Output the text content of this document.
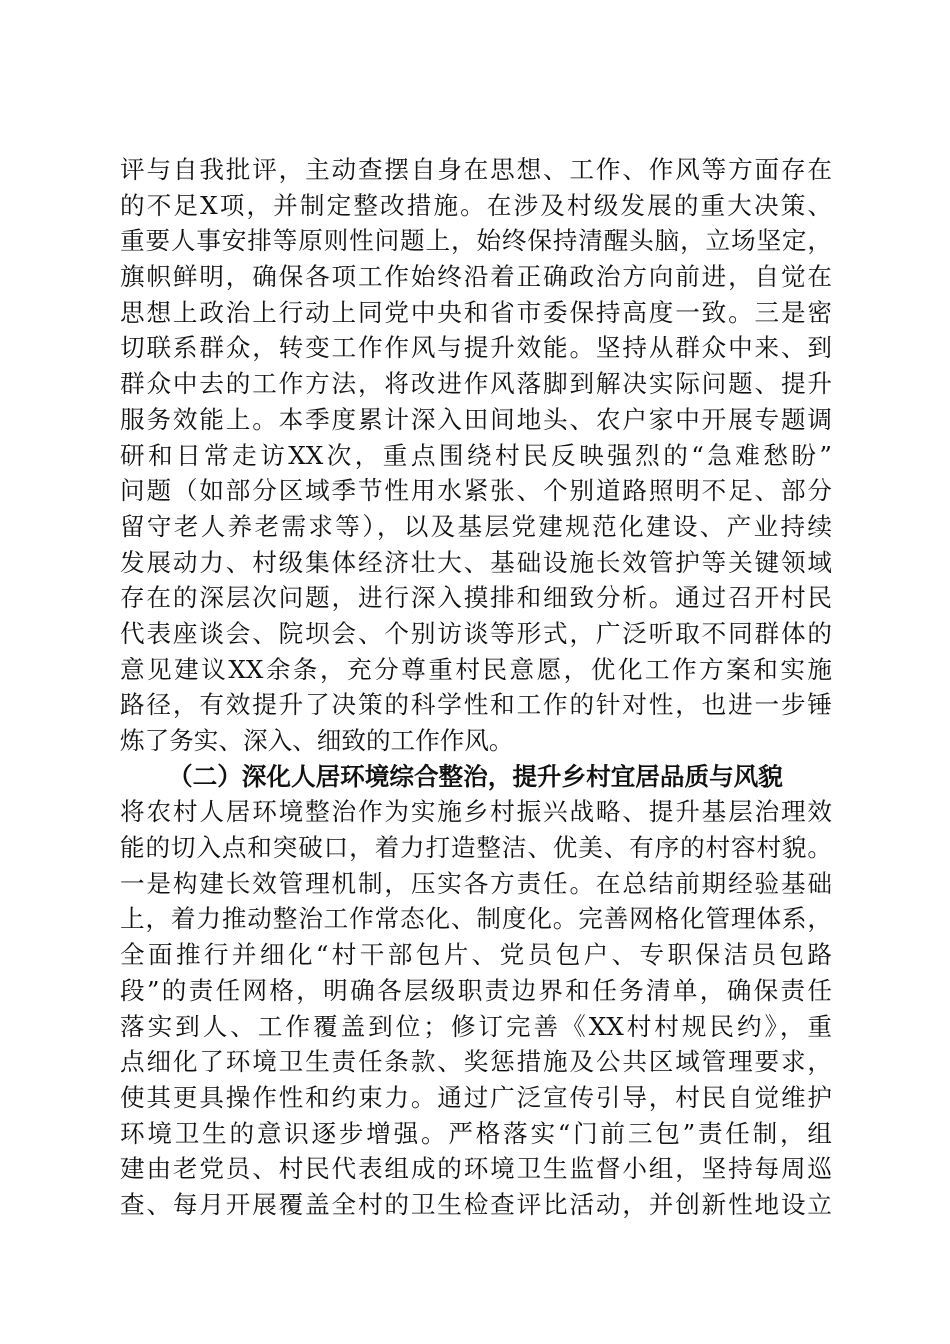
评与自我批评，主动查摆自身在思想、工作、作风等方面存在
的不足X项，并制定整改措施。在涉及村级发展的重大决策、
重要人事安排等原则性问题上，始终保持清醒头脑，立场坚定，
旗帜鲜明，确保各项工作始终沿着正确政治方向前进，自觉在
思想上政治上行动上同党中央和省市委保持高度一致。三是密
切联系群众，转变工作作风与提升效能。坚持从群众中来、到
群众中去的工作方法，将改进作风落脚到解决实际问题、提升
服务效能上。本季度累计深入田间地头、农户家中开展专题调
研和日常走访XX次，重点围绕村民反映强烈的“急难愁盼”
问题（如部分区域季节性用水紧张、个别道路照明不足、部分
留守老人养老需求等），以及基层党建规范化建设、产业持续
发展动力、村级集体经济壮大、基础设施长效管护等关键领域
存在的深层次问题，进行深入摸排和细致分析。通过召开村民
代表座谈会、院坝会、个别访谈等形式，广泛听取不同群体的
意见建议XX余条，充分尊重村民意愿，优化工作方案和实施
路径，有效提升了决策的科学性和工作的针对性，也进一步锤
炼了务实、深入、细致的工作作风。
（二）深化人居环境综合整治，提升乡村宜居品质与风貌
将农村人居环境整治作为实施乡村振兴战略、提升基层治理效
能的切入点和突破口，着力打造整洁、优美、有序的村容村貌。
一是构建长效管理机制，压实各方责任。在总结前期经验基础
上，着力推动整治工作常态化、制度化。完善网格化管理体系，
全面推行并细化“村干部包片、党员包户、专职保洁员包路
段”的责任网格，明确各层级职责边界和任务清单，确保责任
落实到人、工作覆盖到位；修订完善《XX村村规民约》，重
点细化了环境卫生责任条款、奖惩措施及公共区域管理要求，
使其更具操作性和约束力。通过广泛宣传引导，村民自觉维护
环境卫生的意识逐步增强。严格落实“门前三包”责任制，组
建由老党员、村民代表组成的环境卫生监督小组，坚持每周巡
查、每月开展覆盖全村的卫生检查评比活动，并创新性地设立
